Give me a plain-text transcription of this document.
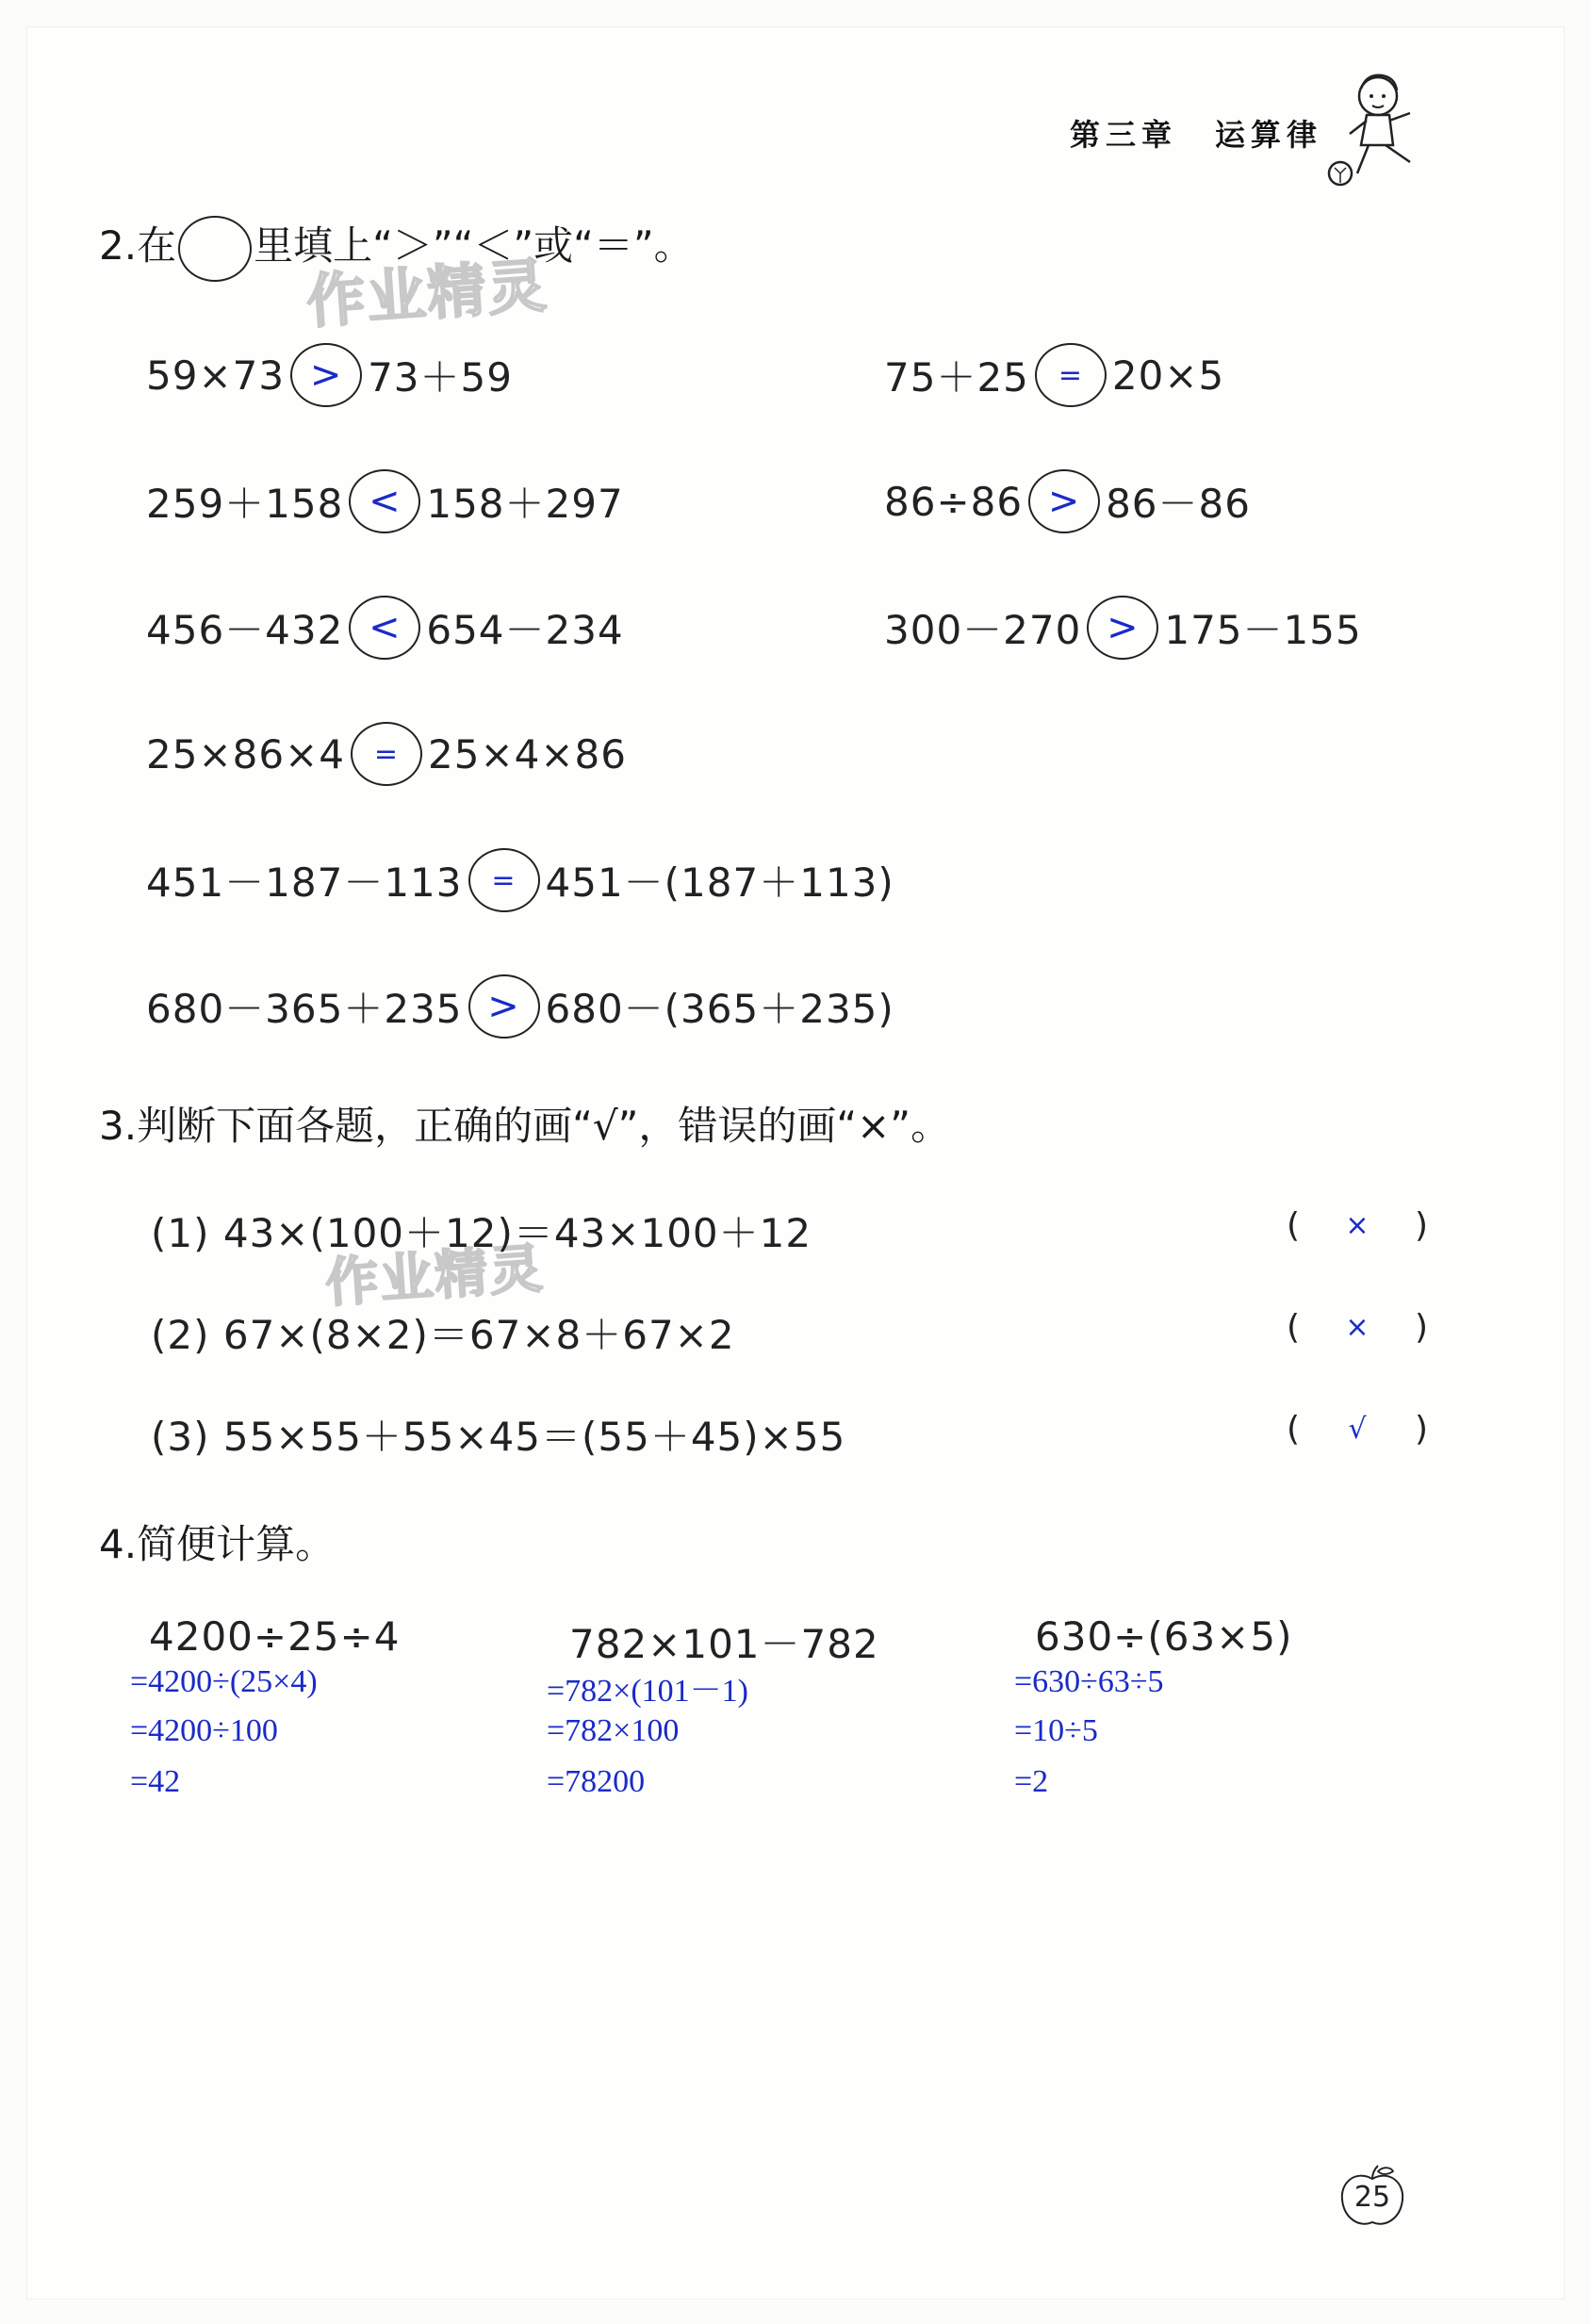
第三章 运算律
2.在 里填上“＞”“＜”或“＝”。
作业精灵
59×73 > 73＋59	75＋25	= 20×5
259＋158 < 158＋297	86÷86 > 86－86
456－432 < 654－234	300－270 > 175－155
25×86×4	= 25×4×86
451－187－113	= 451－(187＋113)
680－365＋235 > 680－(365＋235)
3.判断下面各题，正确的画“√”，错误的画“×”。
作业精灵
(1) 43×(100＋12)＝43×100＋12	( × )
(2) 67×(8×2)＝67×8＋67×2	( × )
(3) 55×55＋55×45＝(55＋45)×55	( √ )
4.简便计算。
4200÷25÷4
=4200÷(25×4)
=4200÷100
=42
782×101－782
=782×(101－1)
=782×100
=78200
630÷(63×5)
=630÷63÷5
=10÷5
=2
25
